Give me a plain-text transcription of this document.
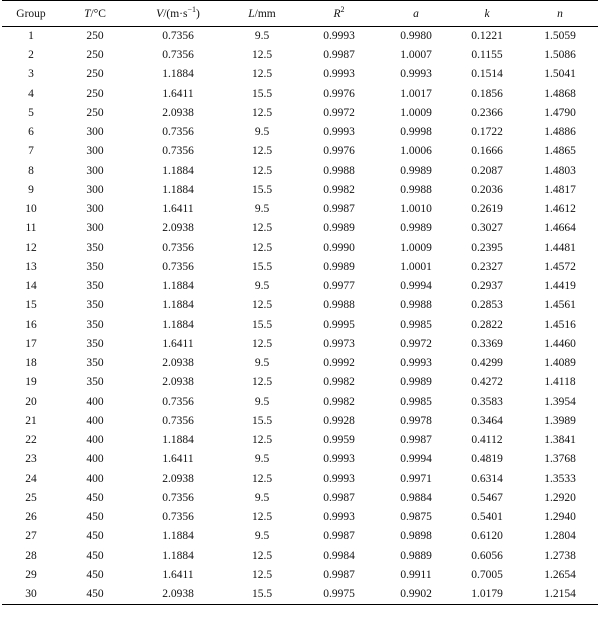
Group	T/°C	$V/(m\cdot s^{-1})$	L/mm	$R^2$	a	k	n
1	250	0.7356	9.5	0.9993	0.9980	0.1221	1.5059
2	250	0.7356	12.5	0.9987	1.0007	0.1155	1.5086
3	250	1.1884	12.5	0.9993	0.9993	0.1514	1.5041
4	250	1.6411	15.5	0.9976	1.0017	0.1856	1.4868
5	250	2.0938	12.5	0.9972	1.0009	0.2366	1.4790
6	300	0.7356	9.5	0.9993	0.9998	0.1722	1.4886
7	300	0.7356	12.5	0.9976	1.0006	0.1666	1.4865
8	300	1.1884	12.5	0.9988	0.9989	0.2087	1.4803
9	300	1.1884	15.5	0.9982	0.9988	0.2036	1.4817
10	300	1.6411	9.5	0.9987	1.0010	0.2619	1.4612
11	300	2.0938	12.5	0.9989	0.9989	0.3027	1.4664
12	350	0.7356	12.5	0.9990	1.0009	0.2395	1.4481
13	350	0.7356	15.5	0.9989	1.0001	0.2327	1.4572
14	350	1.1884	9.5	0.9977	0.9994	0.2937	1.4419
15	350	1.1884	12.5	0.9988	0.9988	0.2853	1.4561
16	350	1.1884	15.5	0.9995	0.9985	0.2822	1.4516
17	350	1.6411	12.5	0.9973	0.9972	0.3369	1.4460
18	350	2.0938	9.5	0.9992	0.9993	0.4299	1.4089
19	350	2.0938	12.5	0.9982	0.9989	0.4272	1.4118
20	400	0.7356	9.5	0.9982	0.9985	0.3583	1.3954
21	400	0.7356	15.5	0.9928	0.9978	0.3464	1.3989
22	400	1.1884	12.5	0.9959	0.9987	0.4112	1.3841
23	400	1.6411	9.5	0.9993	0.9994	0.4819	1.3768
24	400	2.0938	12.5	0.9993	0.9971	0.6314	1.3533
25	450	0.7356	9.5	0.9987	0.9884	0.5467	1.2920
26	450	0.7356	12.5	0.9993	0.9875	0.5401	1.2940
27	450	1.1884	9.5	0.9987	0.9898	0.6120	1.2804
28	450	1.1884	12.5	0.9984	0.9889	0.6056	1.2738
29	450	1.6411	12.5	0.9987	0.9911	0.7005	1.2654
30	450	2.0938	15.5	0.9975	0.9902	1.0179	1.2154
